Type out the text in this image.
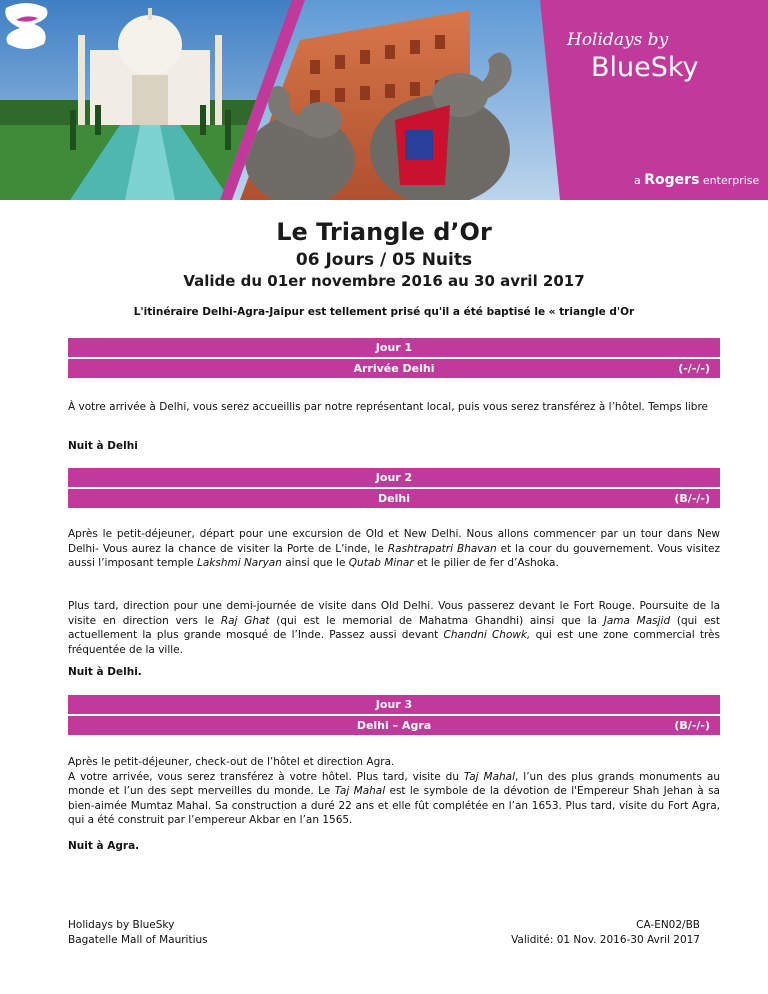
Holidays by
BlueSky
a Rogers enterprise
Le Triangle d’Or
06 Jours / 05 Nuits
Valide du 01er novembre 2016 au 30 avril 2017
L'itinéraire Delhi-Agra-Jaipur est tellement prisé qu'il a été baptisé le « triangle d'Or
Jour 1
Arrivée Delhi	(-/-/-)
À votre arrivée à Delhi, vous serez accueillis par notre représentant local, puis vous serez transférez à l’hôtel. Temps libre
Nuit à Delhi
Jour 2
Delhi	(B/-/-)
Après le petit-déjeuner, départ pour une excursion de Old et New Delhi. Nous allons commencer par un tour dans New Delhi- Vous aurez la chance de visiter la Porte de L’inde, le Rashtrapatri Bhavan et la cour du gouvernement. Vous visitez aussi l’imposant temple Lakshmi Naryan ainsi que le Qutab Minar et le pilier de fer d’Ashoka.
Plus tard, direction pour une demi-journée de visite dans Old Delhi. Vous passerez devant le Fort Rouge. Poursuite de la visite en direction vers le Raj Ghat (qui est le memorial de Mahatma Ghandhi) ainsi que la Jama Masjid (qui est actuellement la plus grande mosqué de l’Inde. Passez aussi devant Chandni Chowk, qui est une zone commercial très fréquentée de la ville.
Nuit à Delhi.
Jour 3
Delhi – Agra	(B/-/-)
Après le petit-déjeuner, check-out de l’hôtel et direction Agra.
A votre arrivée, vous serez transférez à votre hôtel. Plus tard, visite du Taj Mahal, l’un des plus grands monuments au monde et l’un des sept merveilles du monde. Le Taj Mahal est le symbole de la dévotion de l'Empereur Shah Jehan à sa bien-aimée Mumtaz Mahal. Sa construction a duré 22 ans et elle fût complétée en l’an 1653. Plus tard, visite du Fort Agra, qui a été construit par l’empereur Akbar en l’an 1565.
Nuit à Agra.
Holidays by BlueSky
Bagatelle Mall of Mauritius
CA-EN02/BB
Validité: 01 Nov. 2016-30 Avril 2017
